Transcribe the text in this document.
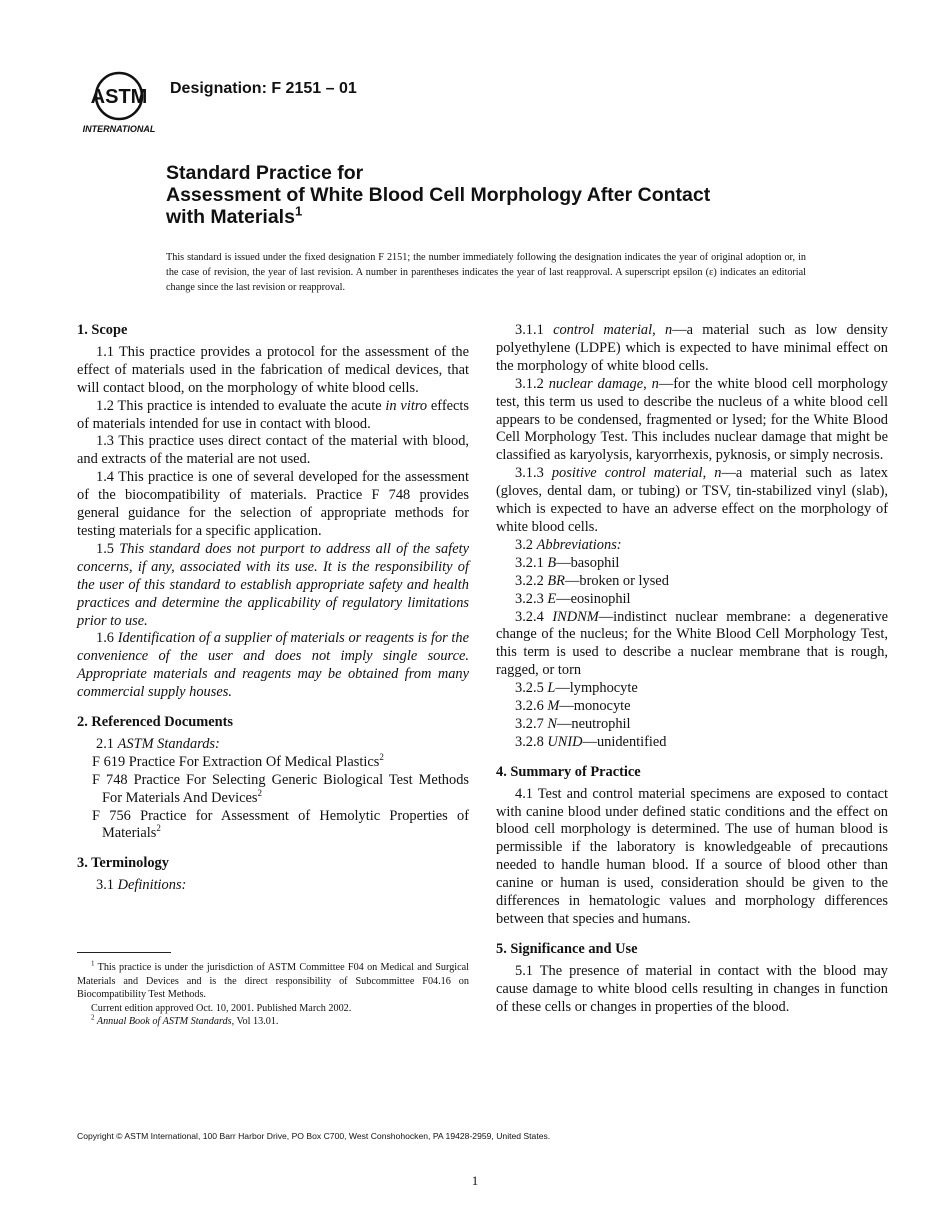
ASTM
INTERNATIONAL
Designation: F 2151 – 01
Standard Practice for
Assessment of White Blood Cell Morphology After Contact
with Materials$^1$
This standard is issued under the fixed designation F 2151; the number immediately following the designation indicates the year of original adoption or, in the case of revision, the year of last revision. A number in parentheses indicates the year of last reapproval. A superscript epsilon (ε) indicates an editorial change since the last revision or reapproval.
1. Scope

1.1 This practice provides a protocol for the assessment of the effect of materials used in the fabrication of medical devices, that will contact blood, on the morphology of white blood cells.

1.2 This practice is intended to evaluate the acute in vitro effects of materials intended for use in contact with blood.

1.3 This practice uses direct contact of the material with blood, and extracts of the material are not used.

1.4 This practice is one of several developed for the assessment of the biocompatibility of materials. Practice F 748 provides general guidance for the selection of appropriate methods for testing materials for a specific application.

1.5 This standard does not purport to address all of the safety concerns, if any, associated with its use. It is the responsibility of the user of this standard to establish appropriate safety and health practices and determine the applicability of regulatory limitations prior to use.

1.6 Identification of a supplier of materials or reagents is for the convenience of the user and does not imply single source. Appropriate materials and reagents may be obtained from many commercial supply houses.

2. Referenced Documents

2.1 ASTM Standards:

F 619 Practice For Extraction Of Medical Plastics$^2$

F 748 Practice For Selecting Generic Biological Test Methods For Materials And Devices$^2$

F 756 Practice for Assessment of Hemolytic Properties of Materials$^2$

3. Terminology

3.1 Definitions:

$^1$ This practice is under the jurisdiction of ASTM Committee F04 on Medical and Surgical Materials and Devices and is the direct responsibility of Subcommittee F04.16 on Biocompatibility Test Methods.

Current edition approved Oct. 10, 2001. Published March 2002.

$^2$ Annual Book of ASTM Standards, Vol 13.01.

3.1.1 control material, n—a material such as low density polyethylene (LDPE) which is expected to have minimal effect on the morphology of white blood cells.

3.1.2 nuclear damage, n—for the white blood cell morphology test, this term us used to describe the nucleus of a white blood cell appears to be condensed, fragmented or lysed; for the White Blood Cell Morphology Test. This includes nuclear damage that might be classified as karyolysis, karyorrhexis, pyknosis, or simply necrosis.

3.1.3 positive control material, n—a material such as latex (gloves, dental dam, or tubing) or TSV, tin-stabilized vinyl (slab), which is expected to have an adverse effect on the morphology of white blood cells.

3.2 Abbreviations:

3.2.1 B—basophil

3.2.2 BR—broken or lysed

3.2.3 E—eosinophil

3.2.4 INDNM—indistinct nuclear membrane: a degenerative change of the nucleus; for the White Blood Cell Morphology Test, this term is used to describe a nuclear membrane that is rough, ragged, or torn

3.2.5 L—lymphocyte

3.2.6 M—monocyte

3.2.7 N—neutrophil

3.2.8 UNID—unidentified

4. Summary of Practice

4.1 Test and control material specimens are exposed to contact with canine blood under defined static conditions and the effect on blood cell morphology is determined. The use of human blood is permissible if the laboratory is knowledgeable of precautions needed to handle human blood. If a source of blood other than canine or human is used, consideration should be given to the differences in hematologic values and morphology differences between that species and humans.

5. Significance and Use

5.1 The presence of material in contact with the blood may cause damage to white blood cells resulting in changes in function of these cells or changes in properties of the blood.

Copyright © ASTM International, 100 Barr Harbor Drive, PO Box C700, West Conshohocken, PA 19428-2959, United States.
1
